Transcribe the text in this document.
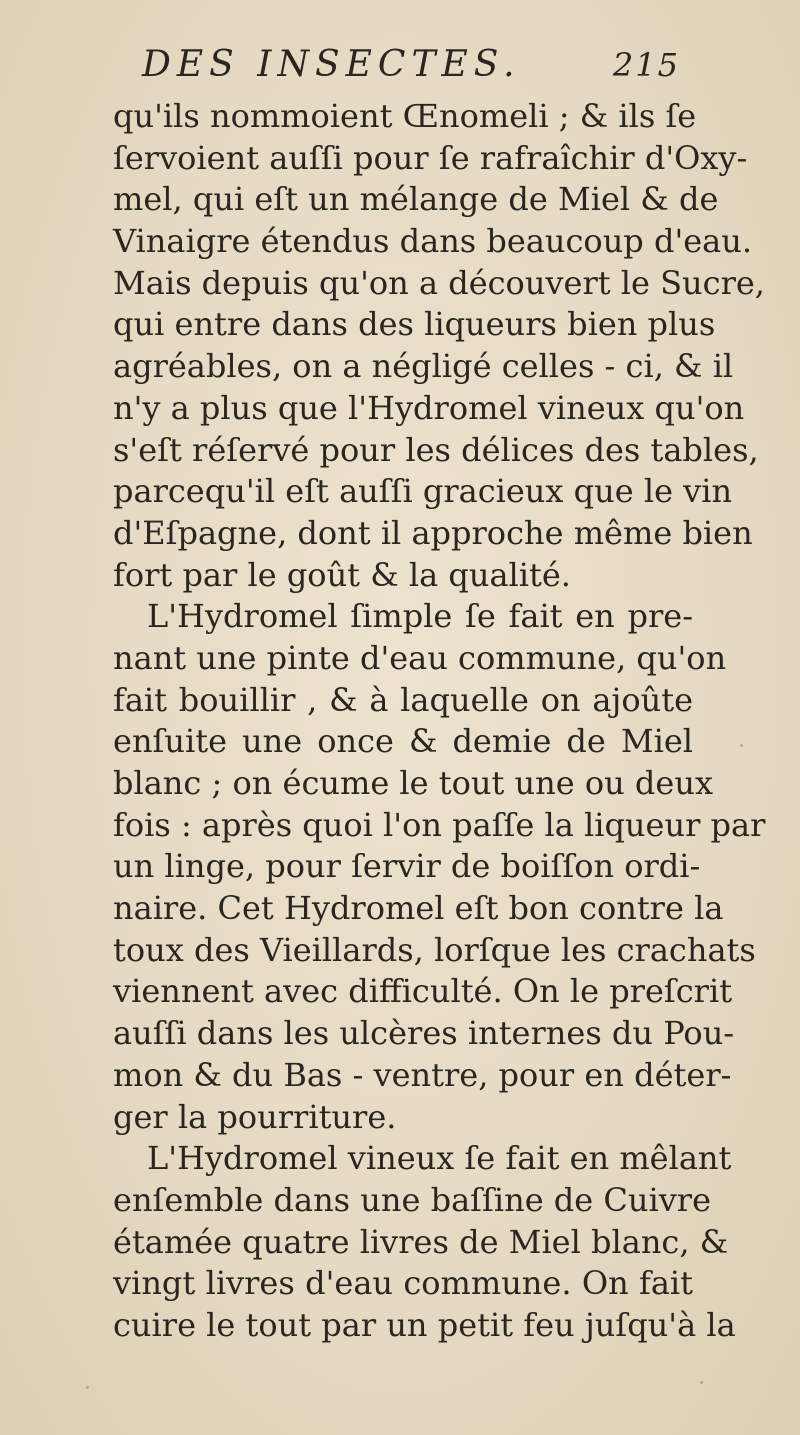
DES INSECTES.	215
qu'ils nommoient Œnomeli ; & ils ſe
ſervoient auſſi pour ſe rafraîchir d'Oxy-
mel, qui eſt un mélange de Miel & de
Vinaigre étendus dans beaucoup d'eau.
Mais depuis qu'on a découvert le Sucre,
qui entre dans des liqueurs bien plus
agréables, on a négligé celles - ci, & il
n'y a plus que l'Hydromel vineux qu'on
s'eſt réſervé pour les délices des tables,
parcequ'il eſt auſſi gracieux que le vin
d'Eſpagne, dont il approche même bien
fort par le goût & la qualité.
L'Hydromel ſimple ſe fait en pre-
nant une pinte d'eau commune, qu'on
fait bouillir , & à laquelle on ajoûte
enſuite une once & demie de Miel
blanc ; on écume le tout une ou deux
fois : après quoi l'on paſſe la liqueur par
un linge, pour ſervir de boiſſon ordi-
naire. Cet Hydromel eſt bon contre la
toux des Vieillards, lorſque les crachats
viennent avec difficulté. On le preſcrit
auſſi dans les ulcères internes du Pou-
mon & du Bas - ventre, pour en déter-
ger la pourriture.
L'Hydromel vineux ſe fait en mêlant
enſemble dans une baſſine de Cuivre
étamée quatre livres de Miel blanc, &
vingt livres d'eau commune. On fait
cuire le tout par un petit feu juſqu'à la
